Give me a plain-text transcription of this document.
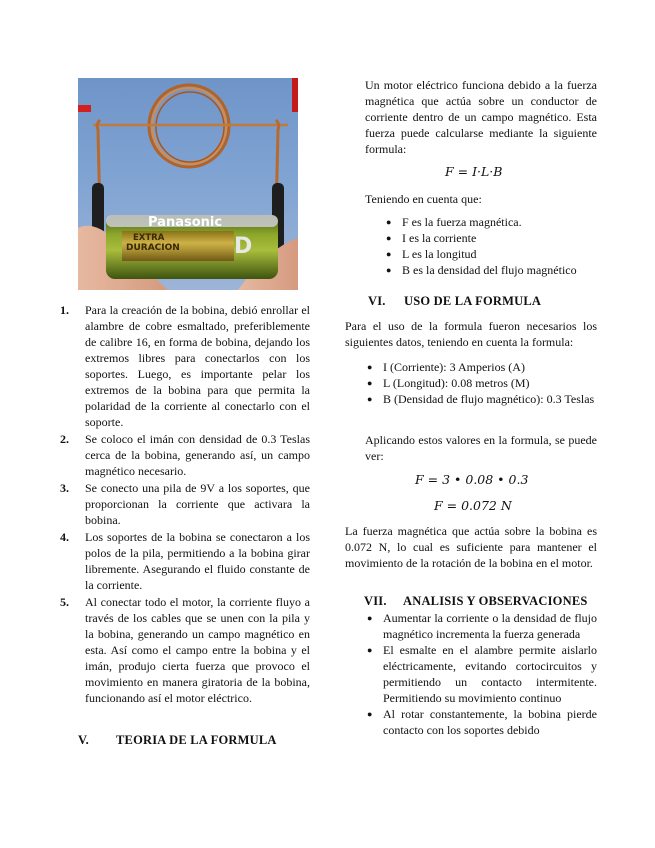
Panasonic
EXTRA
DURACION D
1.	Para la creación de la bobina, debió enrollar el alambre de cobre esmaltado, preferiblemente de calibre 16, en forma de bobina, dejando los extremos libres para conectarlos con los soportes. Luego, es importante pelar los extremos de la bobina para que permita la polaridad de la corriente al conectarlo con el soporte.
2.	Se coloco el imán con densidad de 0.3 Teslas cerca de la bobina, generando así, un campo magnético necesario.
3.	Se conecto una pila de 9V a los soportes, que proporcionan la corriente que activara la bobina.
4.	Los soportes de la bobina se conectaron a los polos de la pila, permitiendo a la bobina girar libremente. Asegurando el fluido constante de la corriente.
5.	Al conectar todo el motor, la corriente fluyo a través de los cables que se unen con la pila y la bobina, generando un campo magnético en esta. Así como el campo entre la bobina y el imán, produjo cierta fuerza que provoco el movimiento en manera giratoria de la bobina, funcionando así el motor eléctrico.
V. TEORIA DE LA FORMULA

Un motor eléctrico funciona debido a la fuerza magnética que actúa sobre un conductor de corriente dentro de un campo magnético. Esta fuerza puede calcularse mediante la siguiente formula:

F = I·L·B

Teniendo en cuenta que:

● F es la fuerza magnética.
● I es la corriente
● L es la longitud
● B es la densidad del flujo magnético
VI. USO DE LA FORMULA

Para el uso de la formula fueron necesarios los siguientes datos, teniendo en cuenta la formula:

● I (Corriente): 3 Amperios (A)
● L (Longitud): 0.08 metros (M)
● B (Densidad de flujo magnético): 0.3 Teslas

Aplicando estos valores en la formula, se puede ver:

F = 3 • 0.08 • 0.3
F = 0.072 N

La fuerza magnética que actúa sobre la bobina es 0.072 N, lo cual es suficiente para mantener el movimiento de la rotación de la bobina en el motor.

VII. ANALISIS Y OBSERVACIONES
● Aumentar la corriente o la densidad de flujo magnético incrementa la fuerza generada
● El esmalte en el alambre permite aislarlo eléctricamente, evitando cortocircuitos y permitiendo un contacto intermitente. Permitiendo su movimiento continuo
● Al rotar constantemente, la bobina pierde contacto con los soportes debido
